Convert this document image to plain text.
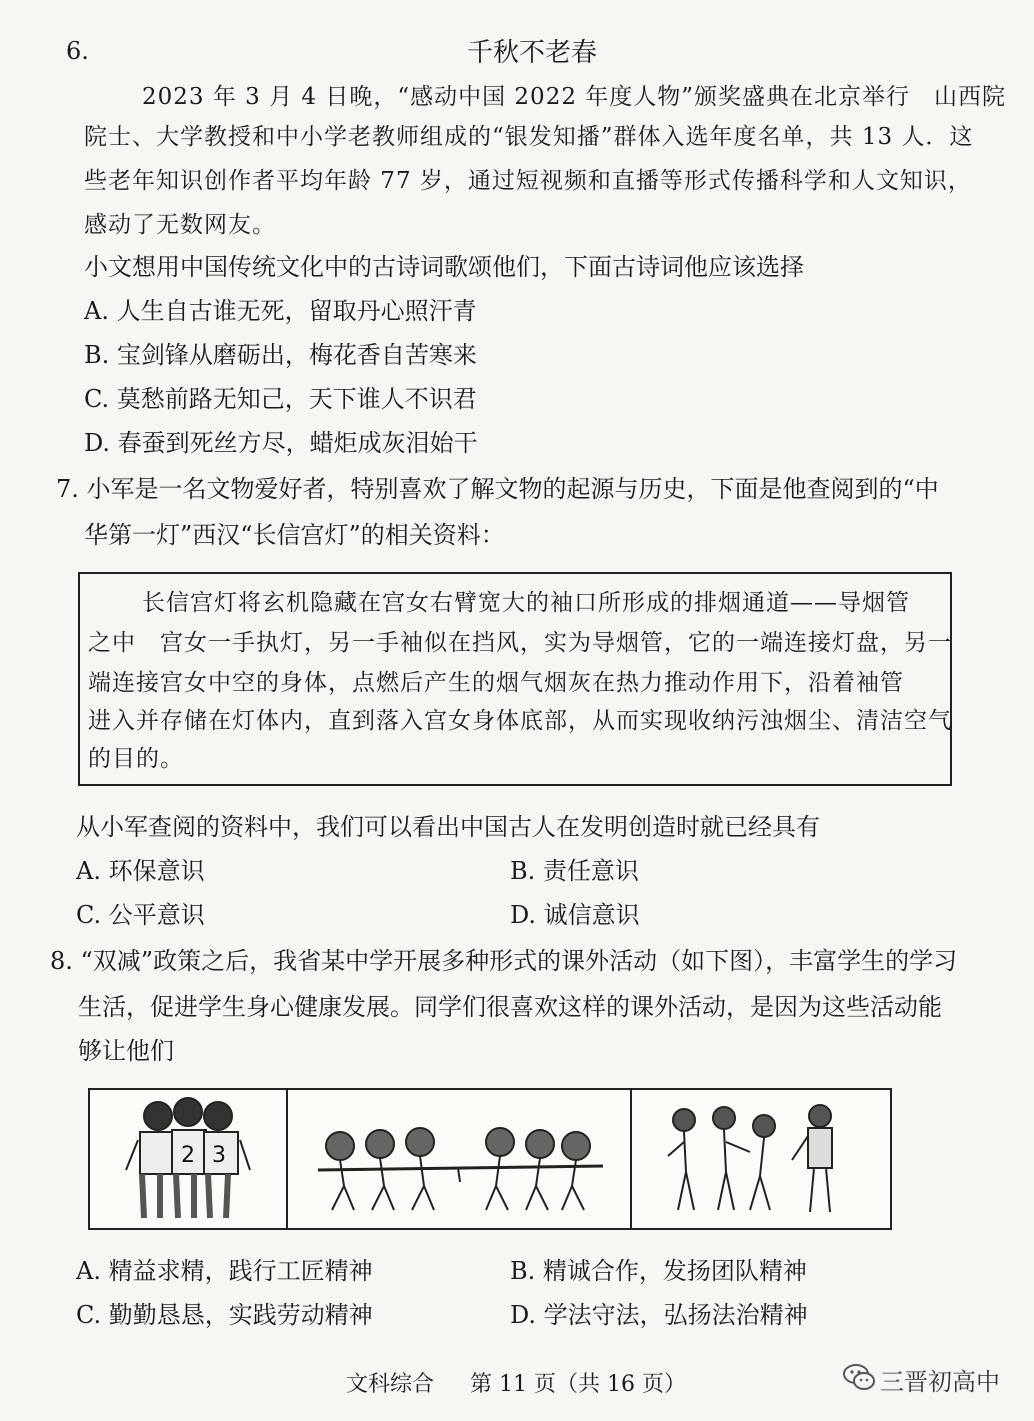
6.	千秋不老春
2023 年 3 月 4 日晚，“感动中国 2022 年度人物”颁奖盛典在北京举行　山西院
院士、大学教授和中小学老教师组成的“银发知播”群体入选年度名单，共 13 人．这
些老年知识创作者平均年龄 77 岁，通过短视频和直播等形式传播科学和人文知识，
感动了无数网友。
小文想用中国传统文化中的古诗词歌颂他们，下面古诗词他应该选择
A. 人生自古谁无死，留取丹心照汗青
B. 宝剑锋从磨砺出，梅花香自苦寒来
C. 莫愁前路无知己，天下谁人不识君
D. 春蚕到死丝方尽，蜡炬成灰泪始干
7. 小军是一名文物爱好者，特别喜欢了解文物的起源与历史，下面是他查阅到的“中
华第一灯”西汉“长信宫灯”的相关资料：
长信宫灯将玄机隐藏在宫女右臂宽大的袖口所形成的排烟通道——导烟管
之中　宫女一手执灯，另一手袖似在挡风，实为导烟管，它的一端连接灯盘，另一
端连接宫女中空的身体，点燃后产生的烟气烟灰在热力推动作用下，沿着袖管
进入并存储在灯体内，直到落入宫女身体底部，从而实现收纳污浊烟尘、清洁空气
的目的。
从小军查阅的资料中，我们可以看出中国古人在发明创造时就已经具有
A. 环保意识	B. 责任意识
C. 公平意识	D. 诚信意识
8. “双减”政策之后，我省某中学开展多种形式的课外活动（如下图），丰富学生的学习
生活，促进学生身心健康发展。同学们很喜欢这样的课外活动，是因为这些活动能
够让他们
2 3
A. 精益求精，践行工匠精神	B. 精诚合作，发扬团队精神
C. 勤勤恳恳，实践劳动精神	D. 学法守法，弘扬法治精神
文科综合 第 11 页（共 16 页）	三晋初高中
